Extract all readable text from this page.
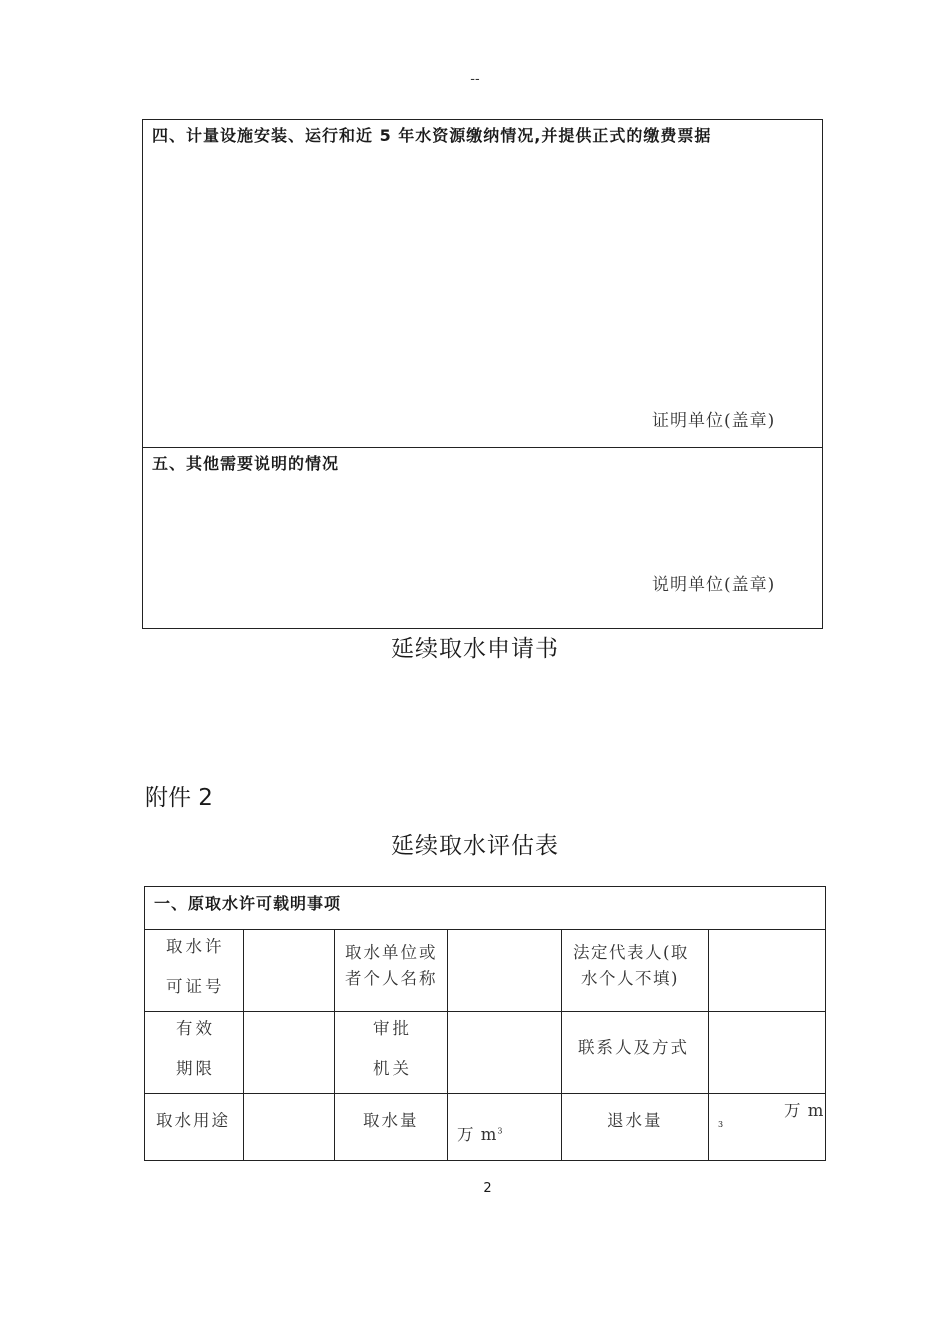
--
四、计量设施安装、运行和近 5 年水资源缴纳情况,并提供正式的缴费票据
证明单位(盖章)
五、其他需要说明的情况
说明单位(盖章)
延续取水申请书
附件 2
延续取水评估表
一、原取水许可载明事项
取水许
可证号
取水单位或
者个人名称
法定代表人(取
水个人不填)
有效
期限
审批
机关
联系人及方式
取水用途	取水量
万 $m^3$
退水量
万 m
3
2
